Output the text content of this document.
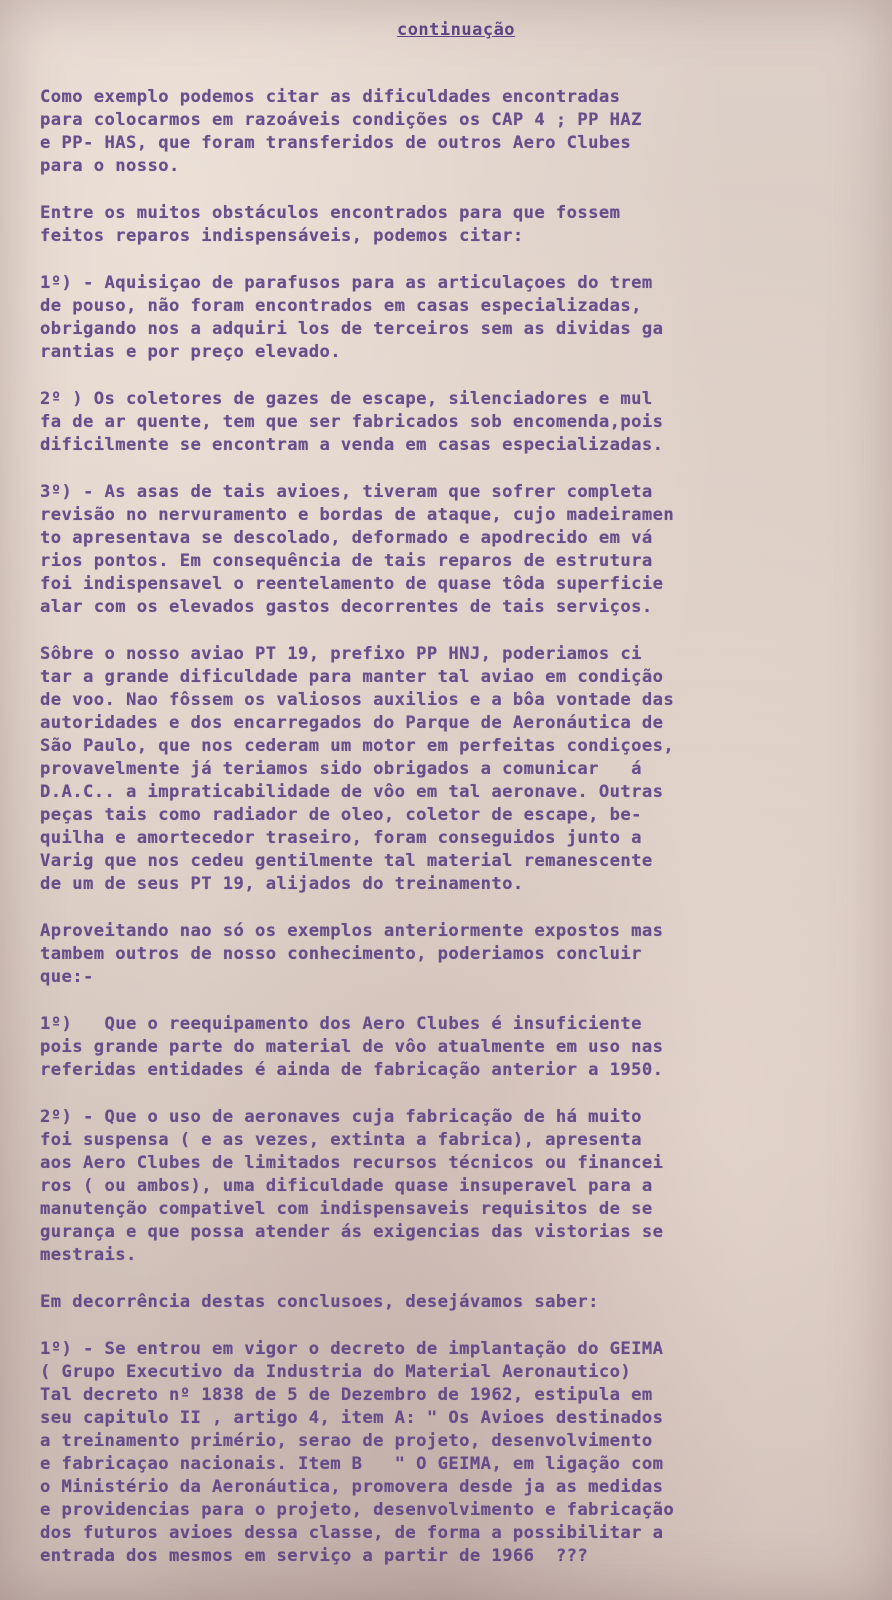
continuação
Como exemplo podemos citar as dificuldades encontradas
para colocarmos em razoáveis condições os CAP 4 ; PP HAZ
e PP- HAS, que foram transferidos de outros Aero Clubes
para o nosso.
Entre os muitos obstáculos encontrados para que fossem
feitos reparos indispensáveis, podemos citar:
1º) - Aquisiçao de parafusos para as articulaçoes do trem
de pouso, não foram encontrados em casas especializadas,
obrigando nos a adquiri los de terceiros sem as dividas ga
rantias e por preço elevado.
2º ) Os coletores de gazes de escape, silenciadores e mul
fa de ar quente, tem que ser fabricados sob encomenda,pois
dificilmente se encontram a venda em casas especializadas.
3º) - As asas de tais avioes, tiveram que sofrer completa
revisão no nervuramento e bordas de ataque, cujo madeiramen
to apresentava se descolado, deformado e apodrecido em vá
rios pontos. Em consequência de tais reparos de estrutura
foi indispensavel o reentelamento de quase tôda superficie
alar com os elevados gastos decorrentes de tais serviços.
Sôbre o nosso aviao PT 19, prefixo PP HNJ, poderiamos ci
tar a grande dificuldade para manter tal aviao em condição
de voo. Nao fôssem os valiosos auxilios e a bôa vontade das
autoridades e dos encarregados do Parque de Aeronáutica de
São Paulo, que nos cederam um motor em perfeitas condiçoes,
provavelmente já teriamos sido obrigados a comunicar   á
D.A.C.. a impraticabilidade de vôo em tal aeronave. Outras
peças tais como radiador de oleo, coletor de escape, be-
quilha e amortecedor traseiro, foram conseguidos junto a
Varig que nos cedeu gentilmente tal material remanescente
de um de seus PT 19, alijados do treinamento.
Aproveitando nao só os exemplos anteriormente expostos mas
tambem outros de nosso conhecimento, poderiamos concluir
que:-
1º)   Que o reequipamento dos Aero Clubes é insuficiente
pois grande parte do material de vôo atualmente em uso nas
referidas entidades é ainda de fabricação anterior a 1950.
2º) - Que o uso de aeronaves cuja fabricação de há muito
foi suspensa ( e as vezes, extinta a fabrica), apresenta
aos Aero Clubes de limitados recursos técnicos ou financei
ros ( ou ambos), uma dificuldade quase insuperavel para a
manutenção compativel com indispensaveis requisitos de se
gurança e que possa atender ás exigencias das vistorias se
mestrais.
Em decorrência destas conclusoes, desejávamos saber:
1º) - Se entrou em vigor o decreto de implantação do GEIMA
( Grupo Executivo da Industria do Material Aeronautico)
Tal decreto nº 1838 de 5 de Dezembro de 1962, estipula em
seu capitulo II , artigo 4, item A: " Os Avioes destinados
a treinamento primério, serao de projeto, desenvolvimento
e fabricaçao nacionais. Item B   " O GEIMA, em ligação com
o Ministério da Aeronáutica, promovera desde ja as medidas
e providencias para o projeto, desenvolvimento e fabricação
dos futuros avioes dessa classe, de forma a possibilitar a
entrada dos mesmos em serviço a partir de 1966  ???
